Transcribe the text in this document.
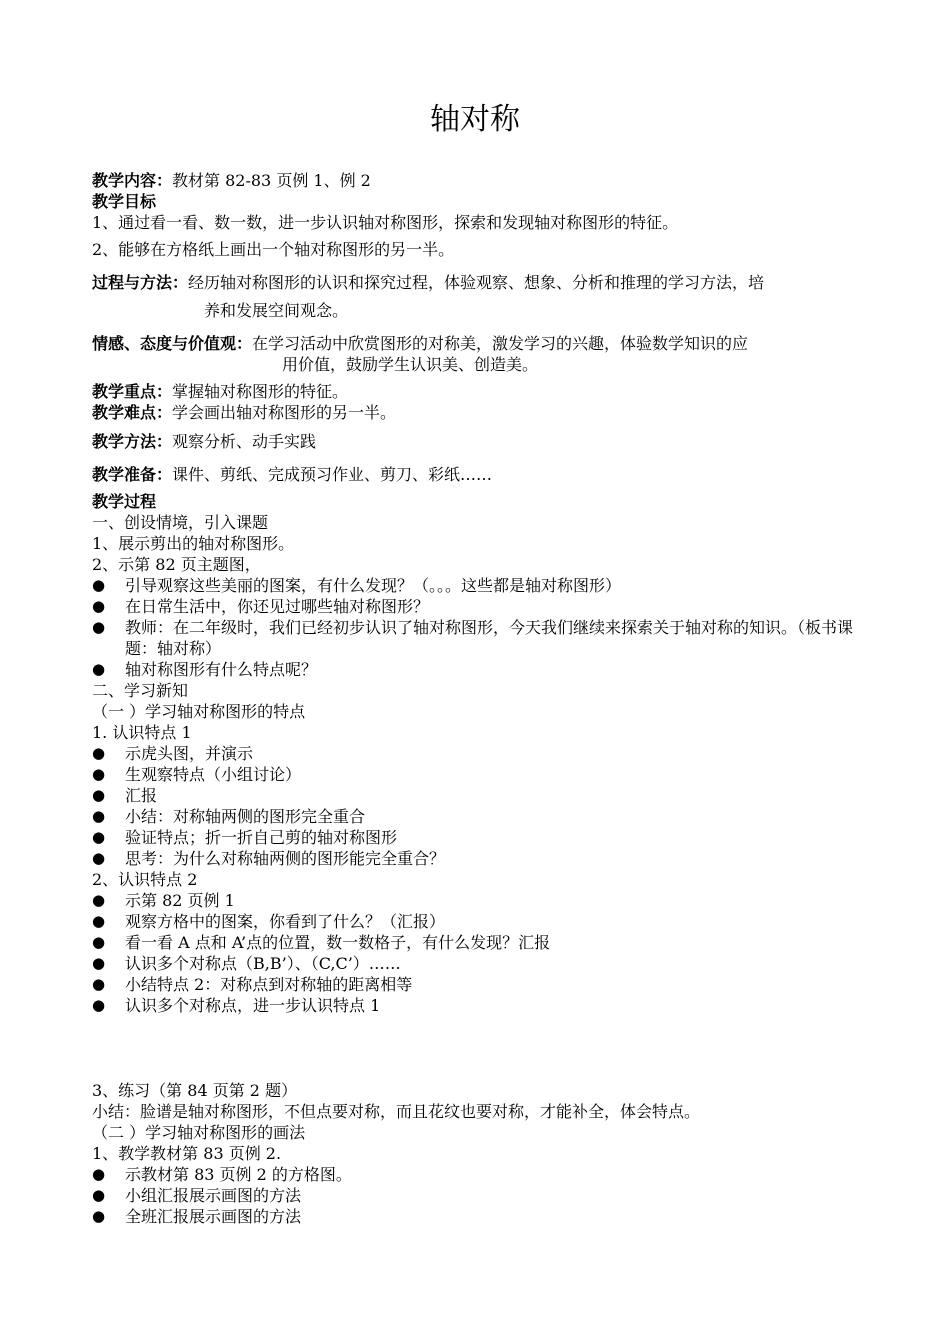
轴对称
教学内容：教材第 82-83 页例 1、例 2
教学目标
1、通过看一看、数一数，进一步认识轴对称图形，探索和发现轴对称图形的特征。
2、能够在方格纸上画出一个轴对称图形的另一半。
过程与方法：经历轴对称图形的认识和探究过程，体验观察、想象、分析和推理的学习方法，培
养和发展空间观念。
情感、态度与价值观：在学习活动中欣赏图形的对称美，激发学习的兴趣，体验数学知识的应
用价值，鼓励学生认识美、创造美。
教学重点：掌握轴对称图形的特征。
教学难点：学会画出轴对称图形的另一半。
教学方法：观察分析、动手实践
教学准备：课件、剪纸、完成预习作业、剪刀、彩纸……
教学过程
一、创设情境，引入课题
1、展示剪出的轴对称图形。
2、示第 82 页主题图，
●	引导观察这些美丽的图案，有什么发现？（。。。这些都是轴对称图形）
●	在日常生活中，你还见过哪些轴对称图形？
●	教师：在二年级时，我们已经初步认识了轴对称图形，今天我们继续来探索关于轴对称的知识。（板书课题：轴对称）
●	轴对称图形有什么特点呢？
二、学习新知
（一 ）学习轴对称图形的特点
1. 认识特点 1
●	示虎头图，并演示
●	生观察特点（小组讨论）
●	汇报
●	小结：对称轴两侧的图形完全重合
●	验证特点；折一折自己剪的轴对称图形
●	思考：为什么对称轴两侧的图形能完全重合？
2、认识特点 2
●	示第 82 页例 1
●	观察方格中的图案，你看到了什么？（汇报）
●	看一看 A 点和 A’点的位置，数一数格子，有什么发现？汇报
●	认识多个对称点（B,B’）、（C,C’）……
●	小结特点 2：对称点到对称轴的距离相等
●	认识多个对称点，进一步认识特点 1
3、练习（第 84 页第 2 题）
小结：脸谱是轴对称图形，不但点要对称，而且花纹也要对称，才能补全，体会特点。
（二 ）学习轴对称图形的画法
1、教学教材第 83 页例 2.
●	示教材第 83 页例 2 的方格图。
●	小组汇报展示画图的方法
●	全班汇报展示画图的方法
